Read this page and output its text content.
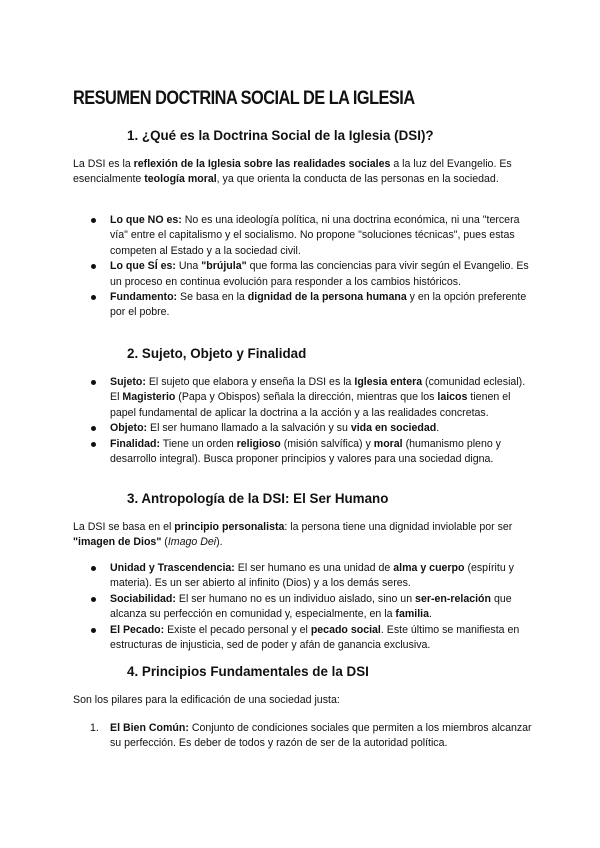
RESUMEN DOCTRINA SOCIAL DE LA IGLESIA
1. ¿Qué es la Doctrina Social de la Iglesia (DSI)?

La DSI es la reflexión de la Iglesia sobre las realidades sociales a la luz del Evangelio. Es esencialmente teología moral, ya que orienta la conducta de las personas en la sociedad.

Lo que NO es: No es una ideología política, ni una doctrina económica, ni una "tercera vía" entre el capitalismo y el socialismo. No propone "soluciones técnicas", pues estas competen al Estado y a la sociedad civil.
Lo que SÍ es: Una "brújula" que forma las conciencias para vivir según el Evangelio. Es un proceso en continua evolución para responder a los cambios históricos.
Fundamento: Se basa en la dignidad de la persona humana y en la opción preferente por el pobre.
2. Sujeto, Objeto y Finalidad
Sujeto: El sujeto que elabora y enseña la DSI es la Iglesia entera (comunidad eclesial). El Magisterio (Papa y Obispos) señala la dirección, mientras que los laicos tienen el papel fundamental de aplicar la doctrina a la acción y a las realidades concretas.
Objeto: El ser humano llamado a la salvación y su vida en sociedad.
Finalidad: Tiene un orden religioso (misión salvífica) y moral (humanismo pleno y desarrollo integral). Busca proponer principios y valores para una sociedad digna.
3. Antropología de la DSI: El Ser Humano

La DSI se basa en el principio personalista: la persona tiene una dignidad inviolable por ser "imagen de Dios" (Imago Dei).

Unidad y Trascendencia: El ser humano es una unidad de alma y cuerpo (espíritu y materia). Es un ser abierto al infinito (Dios) y a los demás seres.
Sociabilidad: El ser humano no es un individuo aislado, sino un ser-en-relación que alcanza su perfección en comunidad y, especialmente, en la familia.
El Pecado: Existe el pecado personal y el pecado social. Este último se manifiesta en estructuras de injusticia, sed de poder y afán de ganancia exclusiva.
4. Principios Fundamentales de la DSI

Son los pilares para la edificación de una sociedad justa:

1. El Bien Común: Conjunto de condiciones sociales que permiten a los miembros alcanzar su perfección. Es deber de todos y razón de ser de la autoridad política.
